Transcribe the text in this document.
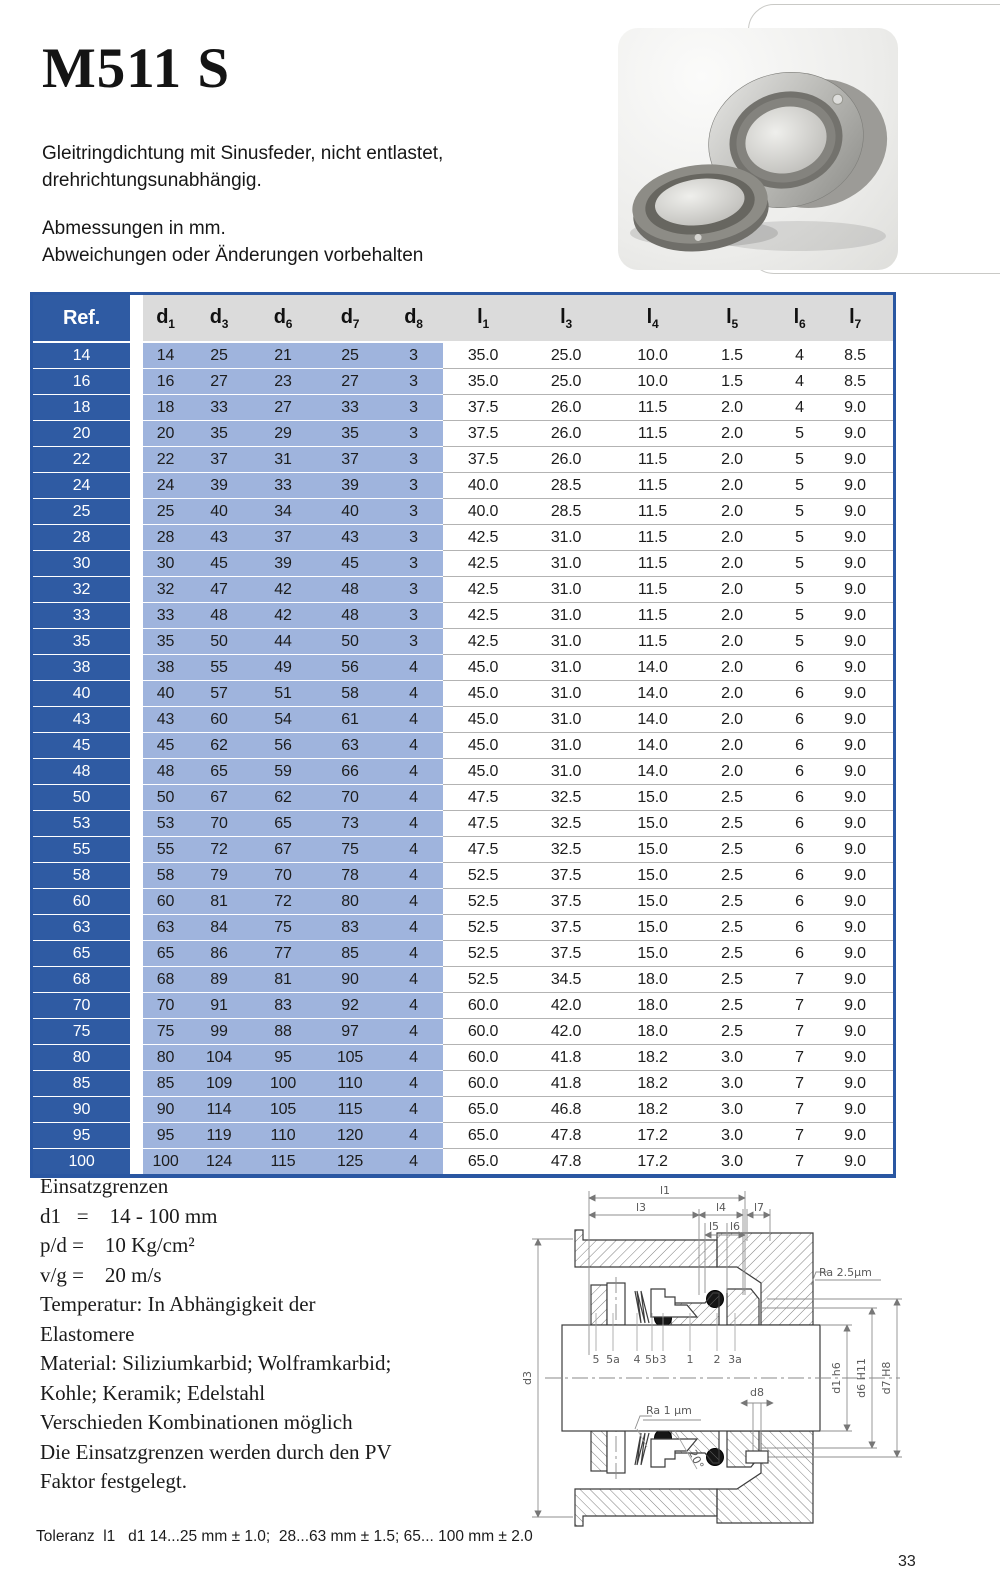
M511 S
Gleitringdichtung mit Sinusfeder, nicht entlastet,
drehrichtungsunabhängig.
Abmessungen in mm.
Abweichungen oder Änderungen vorbehalten
Ref.		$d_1$	$d_3$	$d_6$	$d_7$	$d_8$	$l_1$	$l_3$	$l_4$	$l_5$	$l_6$	$l_7$	
14		14	25	21	25	3	35.0	25.0	10.0	1.5	4	8.5	
16		16	27	23	27	3	35.0	25.0	10.0	1.5	4	8.5	
18		18	33	27	33	3	37.5	26.0	11.5	2.0	4	9.0	
20		20	35	29	35	3	37.5	26.0	11.5	2.0	5	9.0	
22		22	37	31	37	3	37.5	26.0	11.5	2.0	5	9.0	
24		24	39	33	39	3	40.0	28.5	11.5	2.0	5	9.0	
25		25	40	34	40	3	40.0	28.5	11.5	2.0	5	9.0	
28		28	43	37	43	3	42.5	31.0	11.5	2.0	5	9.0	
30		30	45	39	45	3	42.5	31.0	11.5	2.0	5	9.0	
32		32	47	42	48	3	42.5	31.0	11.5	2.0	5	9.0	
33		33	48	42	48	3	42.5	31.0	11.5	2.0	5	9.0	
35		35	50	44	50	3	42.5	31.0	11.5	2.0	5	9.0	
38		38	55	49	56	4	45.0	31.0	14.0	2.0	6	9.0	
40		40	57	51	58	4	45.0	31.0	14.0	2.0	6	9.0	
43		43	60	54	61	4	45.0	31.0	14.0	2.0	6	9.0	
45		45	62	56	63	4	45.0	31.0	14.0	2.0	6	9.0	
48		48	65	59	66	4	45.0	31.0	14.0	2.0	6	9.0	
50		50	67	62	70	4	47.5	32.5	15.0	2.5	6	9.0	
53		53	70	65	73	4	47.5	32.5	15.0	2.5	6	9.0	
55		55	72	67	75	4	47.5	32.5	15.0	2.5	6	9.0	
58		58	79	70	78	4	52.5	37.5	15.0	2.5	6	9.0	
60		60	81	72	80	4	52.5	37.5	15.0	2.5	6	9.0	
63		63	84	75	83	4	52.5	37.5	15.0	2.5	6	9.0	
65		65	86	77	85	4	52.5	37.5	15.0	2.5	6	9.0	
68		68	89	81	90	4	52.5	34.5	18.0	2.5	7	9.0	
70		70	91	83	92	4	60.0	42.0	18.0	2.5	7	9.0	
75		75	99	88	97	4	60.0	42.0	18.0	2.5	7	9.0	
80		80	104	95	105	4	60.0	41.8	18.2	3.0	7	9.0	
85		85	109	100	110	4	60.0	41.8	18.2	3.0	7	9.0	
90		90	114	105	115	4	65.0	46.8	18.2	3.0	7	9.0	
95		95	119	110	120	4	65.0	47.8	17.2	3.0	7	9.0	
100		100	124	115	125	4	65.0	47.8	17.2	3.0	7	9.0	
Einsatzgrenzen
d1   =    14 - 100 mm
p/d =    10 Kg/cm²
v/g =    20 m/s
Temperatur: In Abhängigkeit der
Elastomere
Material: Siliziumkarbid; Wolframkarbid;
Kohle; Keramik; Edelstahl
Verschieden Kombinationen möglich
Die Einsatzgrenzen werden durch den PV
Faktor festgelegt.
l1
l3	l4	l7
l5 l6
d3	d1 h6 d6 H11 d7 H8
d8
Ra 2.5μm
Ra 1 μm
20°
5 5a 4 5b 3 1 2 3a
Toleranz  l1   d1 14...25 mm ± 1.0;  28...63 mm ± 1.5; 65... 100 mm ± 2.0
33
